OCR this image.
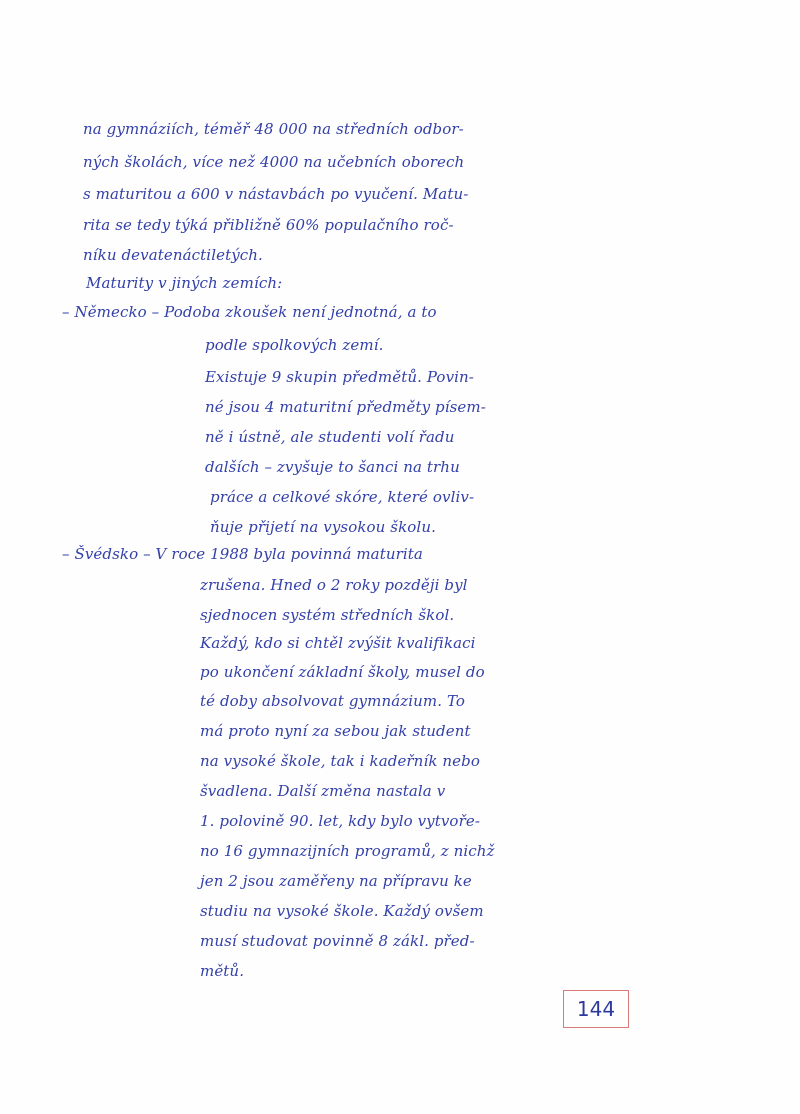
na gymnáziích, téměř 48 000 na středních odbor-
ných školách, více než 4000 na učebních oborech
s maturitou a 600 v nástavbách po vyučení. Matu-
rita se tedy týká přibližně 60% populačního roč-
níku devatenáctiletých.
Maturity v jiných zemích:
– Německo – Podoba zkoušek není jednotná, a to
podle spolkových zemí.
Existuje 9 skupin předmětů. Povin-
né jsou 4 maturitní předměty písem-
ně i ústně, ale studenti volí řadu
dalších – zvyšuje to šanci na trhu
práce a celkové skóre, které ovliv-
ňuje přijetí na vysokou školu.
– Švédsko – V roce 1988 byla povinná maturita
zrušena. Hned o 2 roky později byl
sjednocen systém středních škol.
Každý, kdo si chtěl zvýšit kvalifikaci
po ukončení základní školy, musel do
té doby absolvovat gymnázium. To
má proto nyní za sebou jak student
na vysoké škole, tak i kadeřník nebo
švadlena. Další změna nastala v
1. polovině 90. let, kdy bylo vytvoře-
no 16 gymnazijních programů, z nichž
jen 2 jsou zaměřeny na přípravu ke
studiu na vysoké škole. Každý ovšem
musí studovat povinně 8 zákl. před-
mětů.
144
